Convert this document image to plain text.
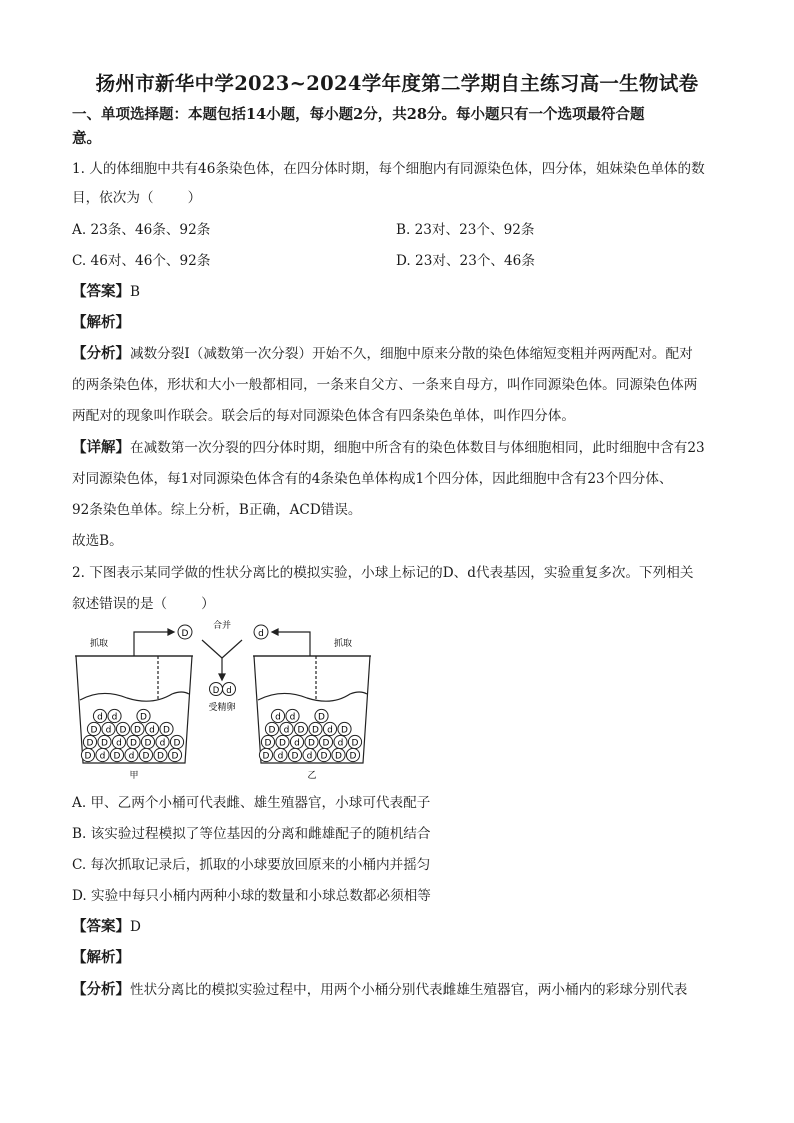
扬州市新华中学2023~2024学年度第二学期自主练习高一生物试卷
一、单项选择题：本题包括14小题，每小题2分，共28分。每小题只有一个选项最符合题
意。
1. 人的体细胞中共有46条染色体，在四分体时期，每个细胞内有同源染色体，四分体，姐妹染色单体的数
目，依次为（	）
A. 23条、46条、92条	B. 23对、23个、92条
C. 46对、46个、92条	D. 23对、23个、46条
【答案】B
【解析】
【分析】减数分裂Ⅰ（减数第一次分裂）开始不久，细胞中原来分散的染色体缩短变粗并两两配对。配对
的两条染色体，形状和大小一般都相同，一条来自父方、一条来自母方，叫作同源染色体。同源染色体两
两配对的现象叫作联会。联会后的每对同源染色体含有四条染色单体，叫作四分体。
【详解】在减数第一次分裂的四分体时期，细胞中所含有的染色体数目与体细胞相同，此时细胞中含有23
对同源染色体，每1对同源染色体含有的4条染色单体构成1个四分体，因此细胞中含有23个四分体、
92条染色单体。综上分析，B正确，ACD错误。
故选B。
2. 下图表示某同学做的性状分离比的模拟实验，小球上标记的D、d代表基因，实验重复多次。下列相关
叙述错误的是（	）
D	d
D d
抓取	抓取
合并
受精卵
甲	乙
d d	D
D d D D d D
D D d D D d D
D d D d D D D
d d	D
D d D D d D
D D d D D d D
D d D d D D D
A. 甲、乙两个小桶可代表雌、雄生殖器官，小球可代表配子
B. 该实验过程模拟了等位基因的分离和雌雄配子的随机结合
C. 每次抓取记录后，抓取的小球要放回原来的小桶内并摇匀
D. 实验中每只小桶内两种小球的数量和小球总数都必须相等
【答案】D
【解析】
【分析】性状分离比的模拟实验过程中，用两个小桶分别代表雌雄生殖器官，两小桶内的彩球分别代表
